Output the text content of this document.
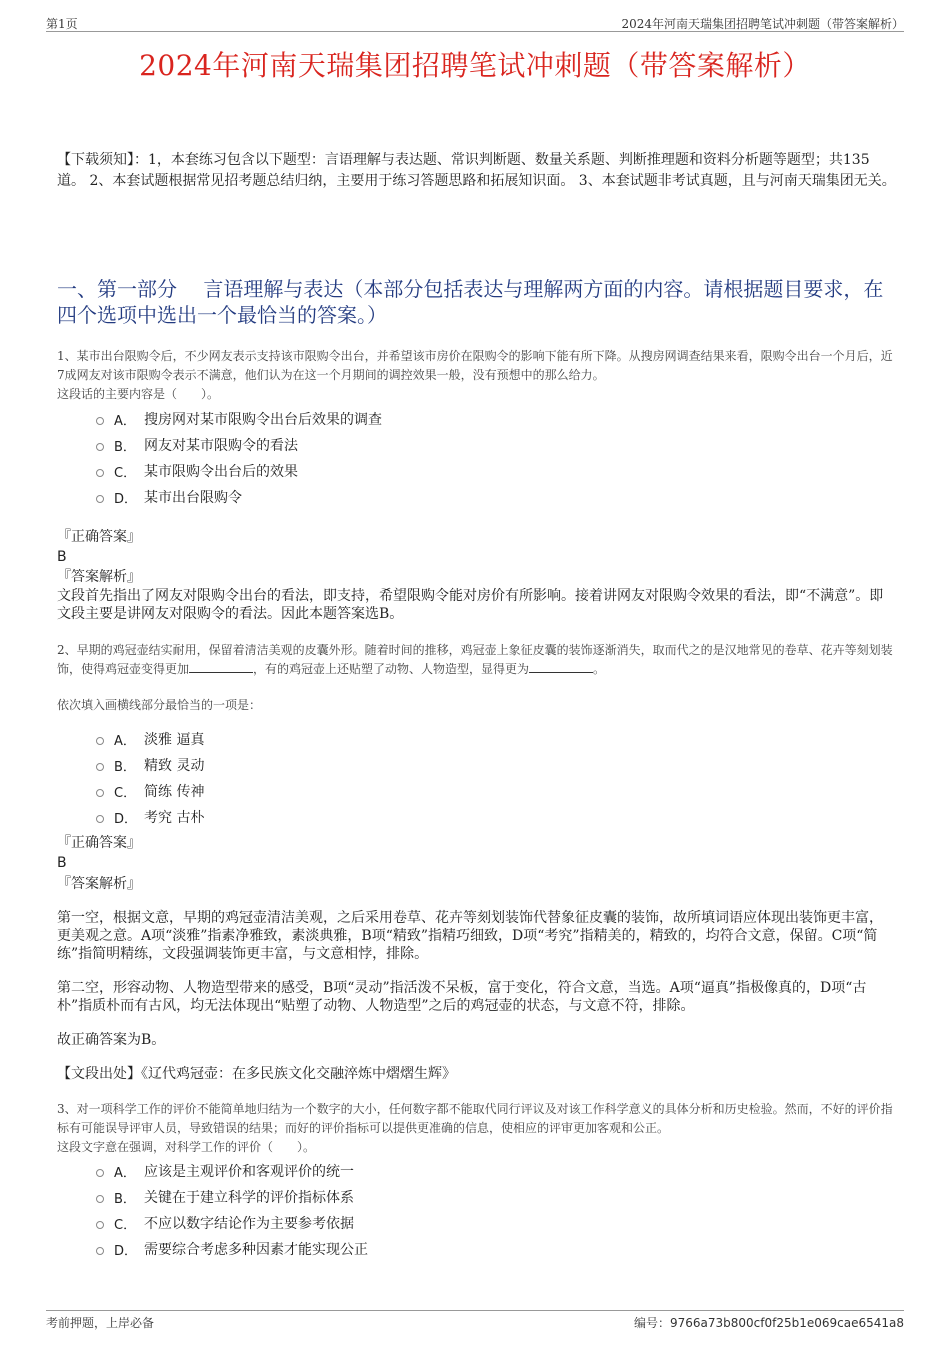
第1页	2024年河南天瑞集团招聘笔试冲刺题（带答案解析）
2024年河南天瑞集团招聘笔试冲刺题（带答案解析）
【下载须知】：1，本套练习包含以下题型：言语理解与表达题、常识判断题、数量关系题、判断推理题和资料分析题等题型；共135道。 2、本套试题根据常见招考题总结归纳，主要用于练习答题思路和拓展知识面。 3、本套试题非考试真题，且与河南天瑞集团无关。
一、第一部分　 言语理解与表达（本部分包括表达与理解两方面的内容。请根据题目要求，在四个选项中选出一个最恰当的答案。）
1、某市出台限购令后，不少网友表示支持该市限购令出台，并希望该市房价在限购令的影响下能有所下降。从搜房网调查结果来看，限购令出台一个月后，近7成网友对该市限购令表示不满意，他们认为在这一个月期间的调控效果一般，没有预想中的那么给力。
这段话的主要内容是（　　）。
A． 搜房网对某市限购令出台后效果的调查
B． 网友对某市限购令的看法
C． 某市限购令出台后的效果
D． 某市出台限购令
『正确答案』
B
『答案解析』
文段首先指出了网友对限购令出台的看法，即支持，希望限购令能对房价有所影响。接着讲网友对限购令效果的看法，即“不满意”。即文段主要是讲网友对限购令的看法。因此本题答案选B。
2、早期的鸡冠壶结实耐用，保留着清洁美观的皮囊外形。随着时间的推移，鸡冠壶上象征皮囊的装饰逐渐消失，取而代之的是汉地常见的卷草、花卉等刻划装饰，使得鸡冠壶变得更加	，有的鸡冠壶上还贴塑了动物、人物造型，显得更为	。
依次填入画横线部分最恰当的一项是：
A． 淡雅 逼真
B． 精致 灵动
C． 简练 传神
D． 考究 古朴
『正确答案』
B
『答案解析』

第一空，根据文意，早期的鸡冠壶清洁美观，之后采用卷草、花卉等刻划装饰代替象征皮囊的装饰，故所填词语应体现出装饰更丰富，更美观之意。A项“淡雅”指素净雅致，素淡典雅，B项“精致”指精巧细致，D项“考究”指精美的，精致的，均符合文意，保留。C项“简练”指简明精练，文段强调装饰更丰富，与文意相悖，排除。

第二空，形容动物、人物造型带来的感受，B项“灵动”指活泼不呆板，富于变化，符合文意，当选。A项“逼真”指极像真的，D项“古朴”指质朴而有古风，均无法体现出“贴塑了动物、人物造型”之后的鸡冠壶的状态，与文意不符，排除。

故正确答案为B。

【文段出处】《辽代鸡冠壶：在多民族文化交融淬炼中熠熠生辉》

3、对一项科学工作的评价不能简单地归结为一个数字的大小，任何数字都不能取代同行评议及对该工作科学意义的具体分析和历史检验。然而，不好的评价指标有可能误导评审人员，导致错误的结果；而好的评价指标可以提供更准确的信息，使相应的评审更加客观和公正。
这段文字意在强调，对科学工作的评价（　　）。
A． 应该是主观评价和客观评价的统一
B． 关键在于建立科学的评价指标体系
C． 不应以数字结论作为主要参考依据
D． 需要综合考虑多种因素才能实现公正
考前押题，上岸必备	编号：9766a73b800cf0f25b1e069cae6541a8
